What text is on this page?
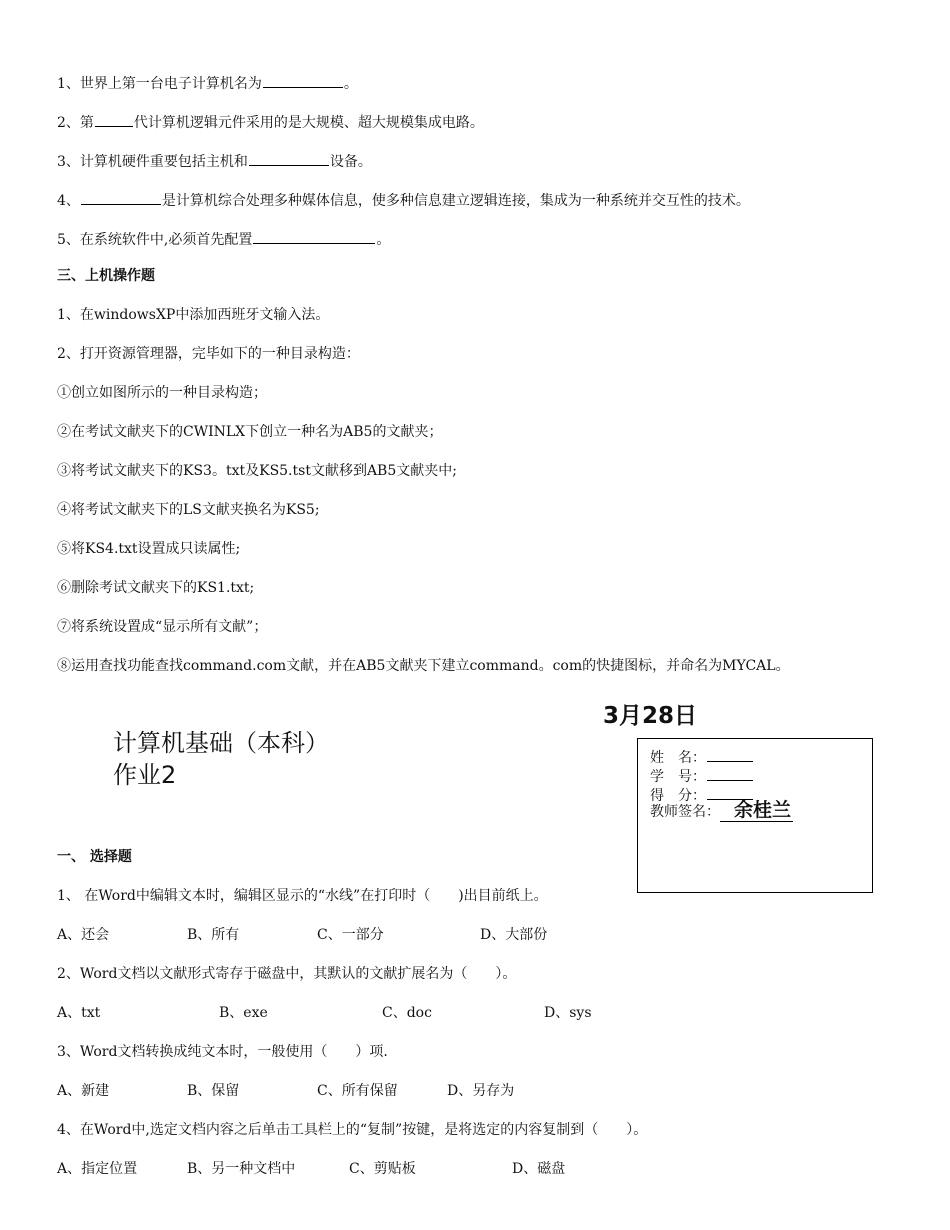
1、世界上第一台电子计算机名为	。
2、第	代计算机逻辑元件采用的是大规模、超大规模集成电路。
3、计算机硬件重要包括主机和	设备。
4、	是计算机综合处理多种媒体信息，使多种信息建立逻辑连接，集成为一种系统并交互性的技术。
5、在系统软件中,必须首先配置	。
三、上机操作题
1、在windowsXP中添加西班牙文输入法。
2、打开资源管理器，完毕如下的一种目录构造：
①创立如图所示的一种目录构造；
②在考试文献夹下的CWINLX下创立一种名为AB5的文献夹；
③将考试文献夹下的KS3。txt及KS5.tst文献移到AB5文献夹中;
④将考试文献夹下的LS文献夹换名为KS5;
⑤将KS4.txt设置成只读属性;
⑥删除考试文献夹下的KS1.txt;
⑦将系统设置成“显示所有文献”；
⑧运用查找功能查找command.com文献，并在AB5文献夹下建立command。com的快捷图标，并命名为MYCAL。
3月28日
计算机基础（本科）
作业2
姓　名：
学　号：
得　分：
教师签名： 余桂兰
一、 选择题
1、 在Word中编辑文本时，编辑区显示的“水线”在打印时（　　)出目前纸上。
A、还会	B、所有	C、一部分	D、大部份
2、Word文档以文献形式寄存于磁盘中，其默认的文献扩展名为（　　）。
A、txt	B、exe	C、doc	D、sys
3、Word文档转换成纯文本时，一般使用（　　）项.
A、新建	B、保留	C、所有保留	D、另存为
4、在Word中,选定文档内容之后单击工具栏上的“复制”按键，是将选定的内容复制到（　　）。
A、指定位置	B、另一种文档中	C、剪贴板	D、磁盘
